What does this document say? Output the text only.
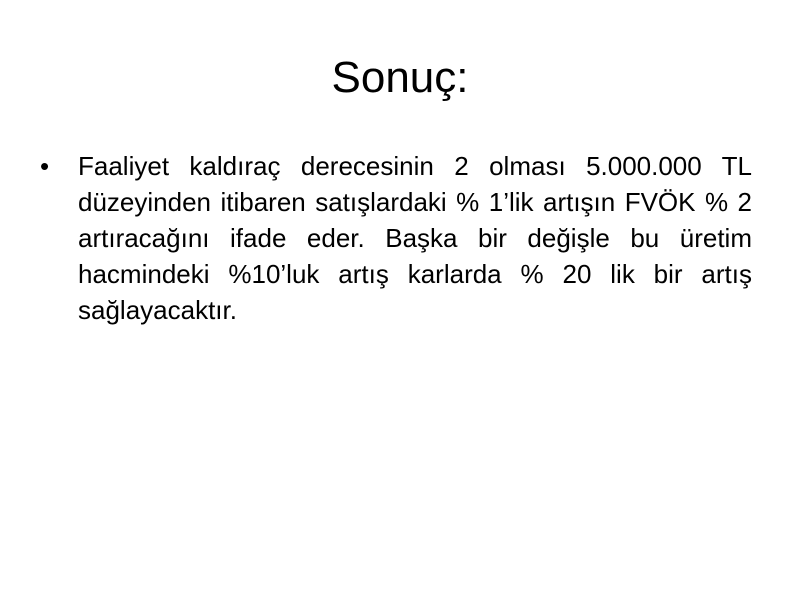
Sonuç:
• Faaliyet kaldıraç derecesinin 2 olması 5.000.000 TL düzeyinden itibaren satışlardaki % 1’lik artışın FVÖK % 2 artıracağını ifade eder. Başka bir değişle bu üretim hacmindeki %10’luk artış karlarda % 20 lik bir artış sağlayacaktır.
